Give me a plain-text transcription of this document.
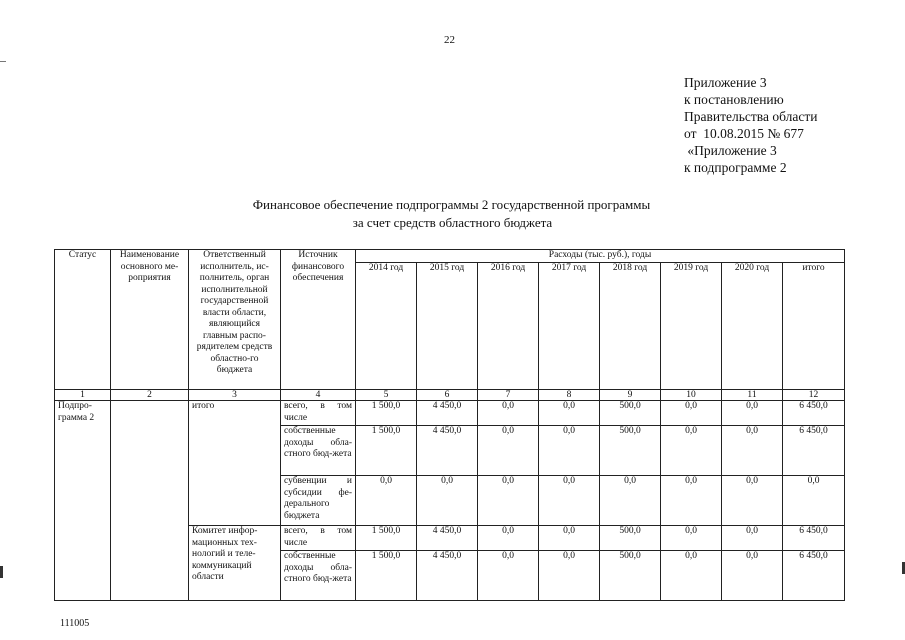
22
Приложение 3
к постановлению
Правительства области
от  10.08.2015 № 677
«Приложение 3
к подпрограмме 2
Финансовое обеспечение подпрограммы 2 государственной программы
за счет средств областного бюджета
Статус	Наименование основного ме-роприятия	Ответственный исполнитель, ис-полнитель, орган исполнительной государственной власти области, являющийся главным распо-рядителем средств областно-го бюджета	Источник финансового обеспечения	Расходы (тыс. руб.), годы							
				2014 год	2015 год	2016 год	2017 год	2018 год	2019 год	2020 год	итого
1	2	3	4	5	6	7	8	9	10	11	12
Подпро-грамма 2		итого	всего, в том числе	1 500,0	4 450,0	0,0	0,0	500,0	0,0	0,0	6 450,0
			собственные доходы обла-стного бюд-жета	1 500,0	4 450,0	0,0	0,0	500,0	0,0	0,0	6 450,0
			субвенции и субсидии фе-дерального бюджета	0,0	0,0	0,0	0,0	0,0	0,0	0,0	0,0
		Комитет инфор-мационных тех-нологий и теле-коммуникаций области	всего, в том числе	1 500,0	4 450,0	0,0	0,0	500,0	0,0	0,0	6 450,0
			собственные доходы обла-стного бюд-жета	1 500,0	4 450,0	0,0	0,0	500,0	0,0	0,0	6 450,0
111005
